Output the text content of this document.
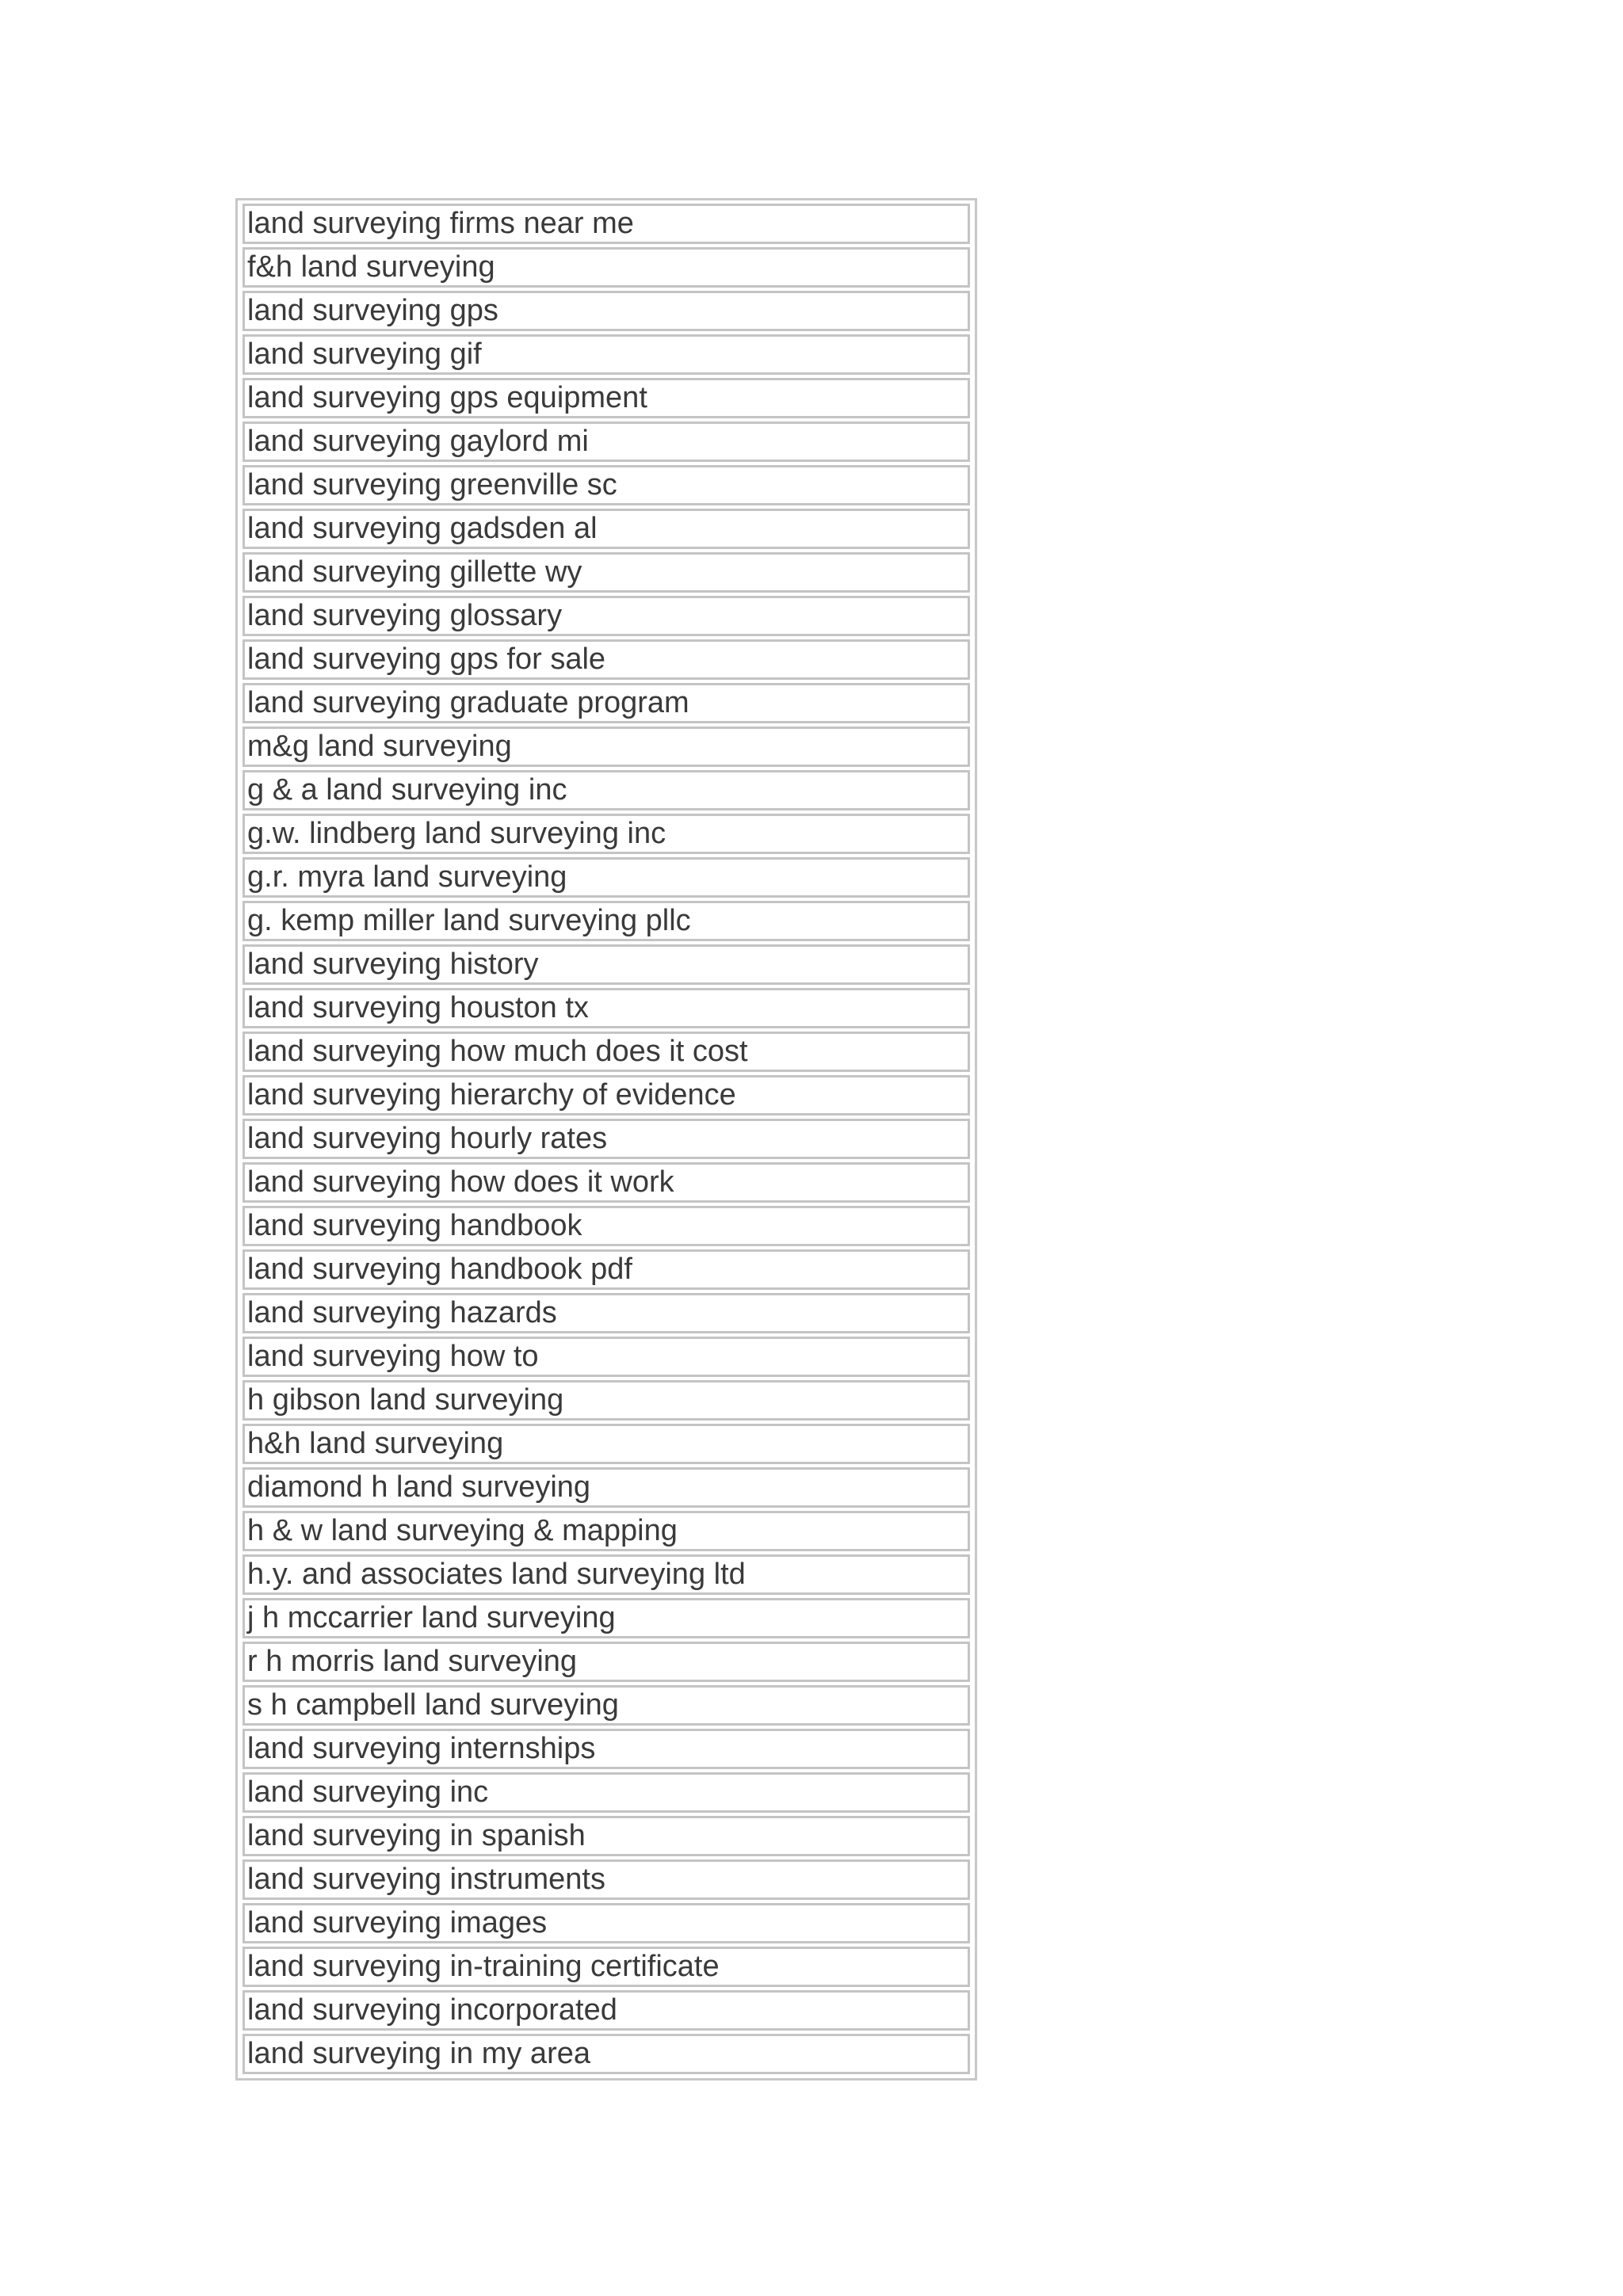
land surveying firms near me
f&h land surveying
land surveying gps
land surveying gif
land surveying gps equipment
land surveying gaylord mi
land surveying greenville sc
land surveying gadsden al
land surveying gillette wy
land surveying glossary
land surveying gps for sale
land surveying graduate program
m&g land surveying
g & a land surveying inc
g.w. lindberg land surveying inc
g.r. myra land surveying
g. kemp miller land surveying pllc
land surveying history
land surveying houston tx
land surveying how much does it cost
land surveying hierarchy of evidence
land surveying hourly rates
land surveying how does it work
land surveying handbook
land surveying handbook pdf
land surveying hazards
land surveying how to
h gibson land surveying
h&h land surveying
diamond h land surveying
h & w land surveying & mapping
h.y. and associates land surveying ltd
j h mccarrier land surveying
r h morris land surveying
s h campbell land surveying
land surveying internships
land surveying inc
land surveying in spanish
land surveying instruments
land surveying images
land surveying in-training certificate
land surveying incorporated
land surveying in my area
